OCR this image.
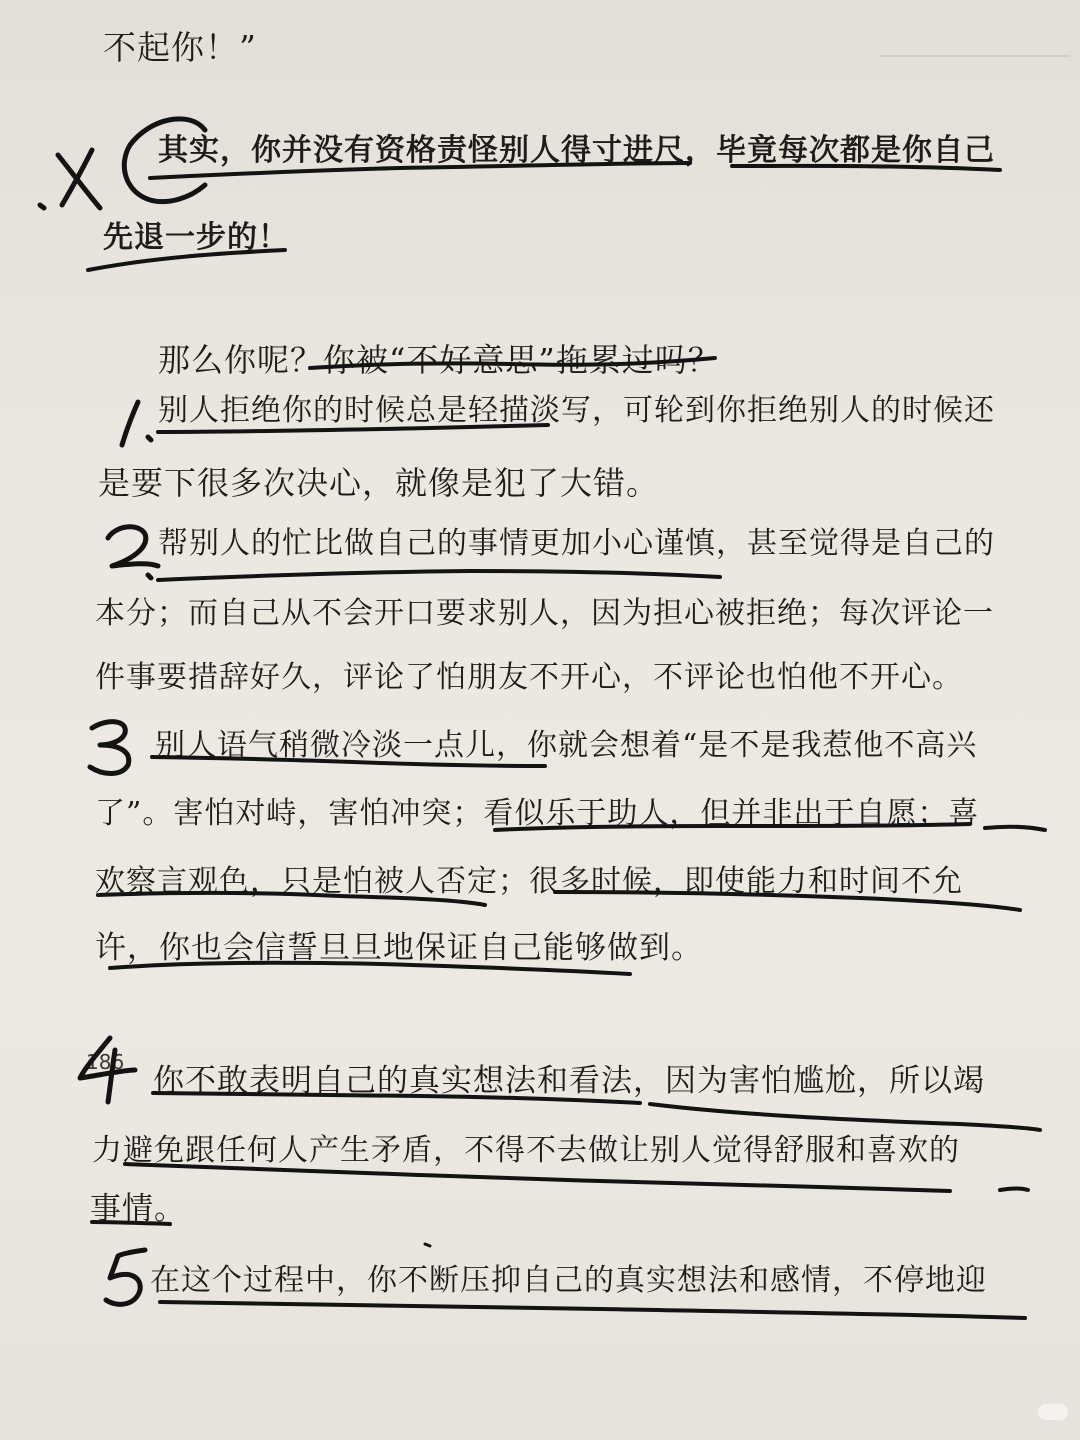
不起你！”
其实，你并没有资格责怪别人得寸进尺，毕竟每次都是你自己
先退一步的！
那么你呢？你被“不好意思”拖累过吗？
别人拒绝你的时候总是轻描淡写，可轮到你拒绝别人的时候还
是要下很多次决心，就像是犯了大错。
帮别人的忙比做自己的事情更加小心谨慎，甚至觉得是自己的
本分；而自己从不会开口要求别人，因为担心被拒绝；每次评论一
件事要措辞好久，评论了怕朋友不开心，不评论也怕他不开心。
别人语气稍微冷淡一点儿，你就会想着“是不是我惹他不高兴
了”。害怕对峙，害怕冲突；看似乐于助人，但并非出于自愿；喜
欢察言观色，只是怕被人否定；很多时候，即使能力和时间不允
许，你也会信誓旦旦地保证自己能够做到。
你不敢表明自己的真实想法和看法，因为害怕尴尬，所以竭
力避免跟任何人产生矛盾，不得不去做让别人觉得舒服和喜欢的
事情。
在这个过程中，你不断压抑自己的真实想法和感情，不停地迎
186
